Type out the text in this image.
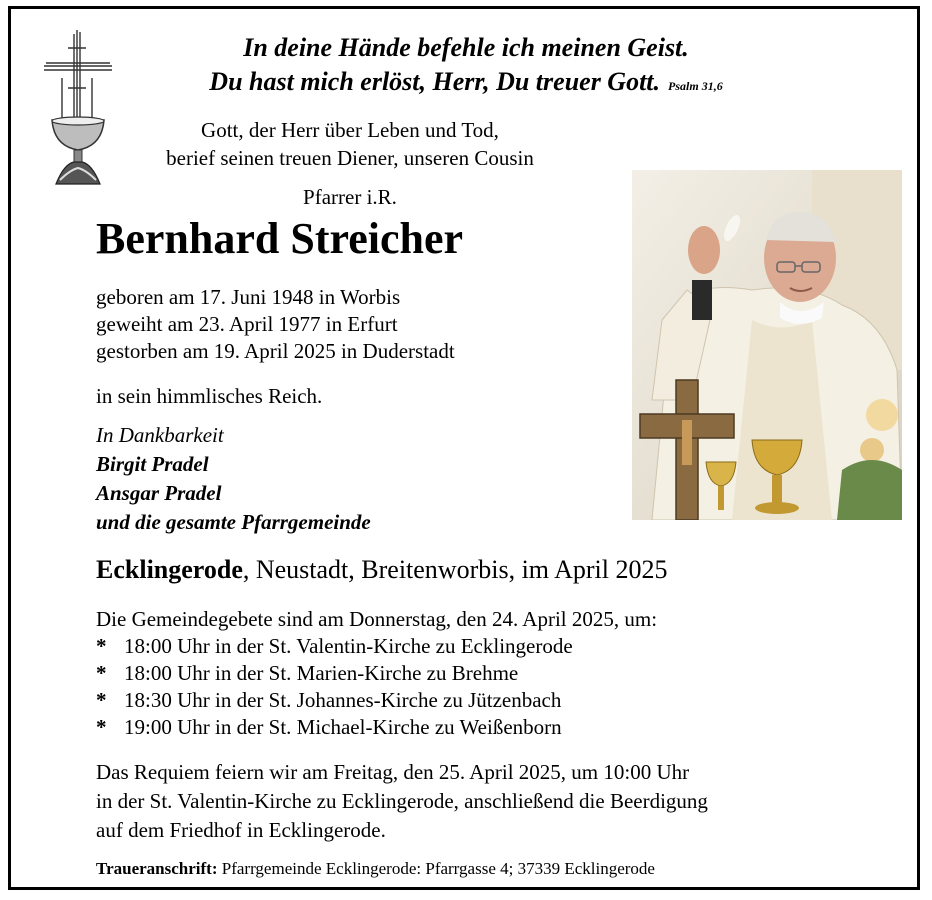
In deine Hände befehle ich meinen Geist.
Du hast mich erlöst, Herr, Du treuer Gott. Psalm 31,6
Gott, der Herr über Leben und Tod,
berief seinen treuen Diener, unseren Cousin
Pfarrer i.R.
Bernhard Streicher
geboren am 17. Juni 1948 in Worbis
geweiht am 23. April 1977 in Erfurt
gestorben am 19. April 2025 in Duderstadt
in sein himmlisches Reich.
In Dankbarkeit
Birgit Pradel
Ansgar Pradel
und die gesamte Pfarrgemeinde
Ecklingerode, Neustadt, Breitenworbis, im April 2025
Die Gemeindegebete sind am Donnerstag, den 24. April 2025, um:
* 18:00 Uhr in der St. Valentin-Kirche zu Ecklingerode
* 18:00 Uhr in der St. Marien-Kirche zu Brehme
* 18:30 Uhr in der St. Johannes-Kirche zu Jützenbach
* 19:00 Uhr in der St. Michael-Kirche zu Weißenborn
Das Requiem feiern wir am Freitag, den 25. April 2025, um 10:00 Uhr
in der St. Valentin-Kirche zu Ecklingerode, anschließend die Beerdigung
auf dem Friedhof in Ecklingerode.
Traueranschrift: Pfarrgemeinde Ecklingerode: Pfarrgasse 4; 37339 Ecklingerode
